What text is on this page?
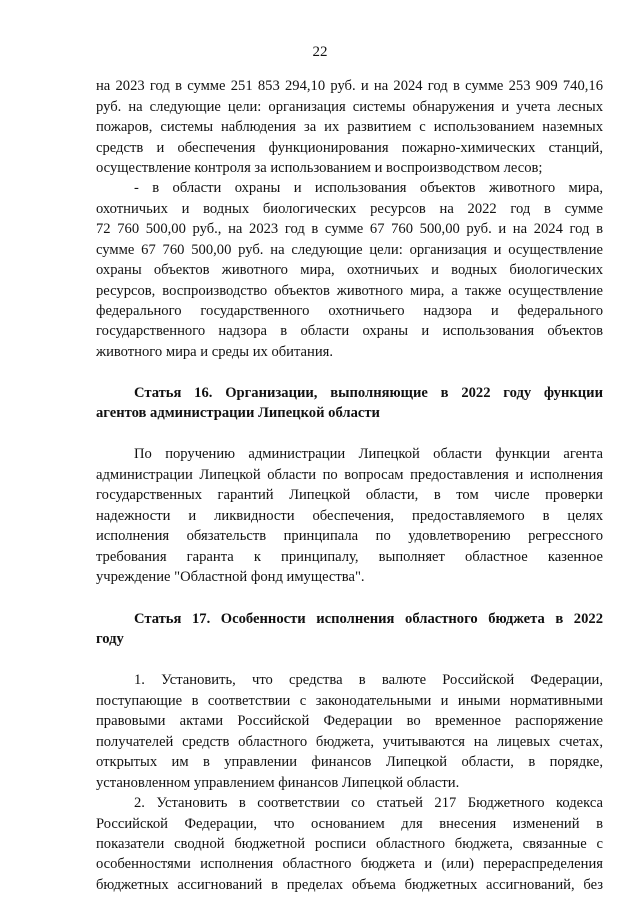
22
на 2023 год в сумме 251 853 294,10 руб. и на 2024 год в сумме 253 909 740,16
руб. на следующие цели: организация системы обнаружения и учета лесных
пожаров, системы наблюдения за их развитием с использованием наземных
средств и обеспечения функционирования пожарно-химических станций,
осуществление контроля за использованием и воспроизводством лесов;
- в области охраны и использования объектов животного мира,
охотничьих и водных биологических ресурсов на 2022 год в сумме
72 760 500,00 руб., на 2023 год в сумме 67 760 500,00 руб. и на 2024 год в
сумме 67 760 500,00 руб. на следующие цели: организация и осуществление
охраны объектов животного мира, охотничьих и водных биологических
ресурсов, воспроизводство объектов животного мира, а также осуществление
федерального государственного охотничьего надзора и федерального
государственного надзора в области охраны и использования объектов
животного мира и среды их обитания.
Статья 16. Организации, выполняющие в 2022 году функции
агентов администрации Липецкой области
По поручению администрации Липецкой области функции агента
администрации Липецкой области по вопросам предоставления и исполнения
государственных гарантий Липецкой области, в том числе проверки
надежности и ликвидности обеспечения, предоставляемого в целях
исполнения обязательств принципала по удовлетворению регрессного
требования гаранта к принципалу, выполняет областное казенное
учреждение "Областной фонд имущества".
Статья 17. Особенности исполнения областного бюджета в 2022
году
1. Установить, что средства в валюте Российской Федерации,
поступающие в соответствии с законодательными и иными нормативными
правовыми актами Российской Федерации во временное распоряжение
получателей средств областного бюджета, учитываются на лицевых счетах,
открытых им в управлении финансов Липецкой области, в порядке,
установленном управлением финансов Липецкой области.
2. Установить в соответствии со статьей 217 Бюджетного кодекса
Российской Федерации, что основанием для внесения изменений в
показатели сводной бюджетной росписи областного бюджета, связанные с
особенностями исполнения областного бюджета и (или) перераспределения
бюджетных ассигнований в пределах объема бюджетных ассигнований, без
